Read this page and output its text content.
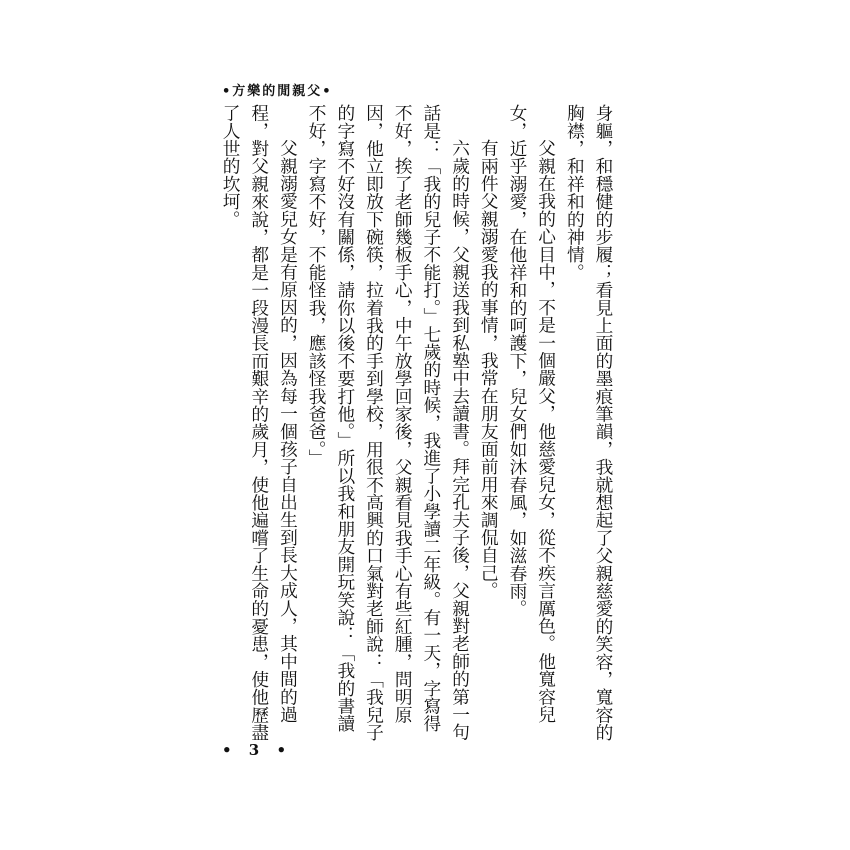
•方樂的閒親父•
身軀，和穩健的步履；看見上面的墨痕筆韻，我就想起了父親慈愛的笑容，寬容的
胸襟，和祥和的神情。
父親在我的心目中，不是一個嚴父，他慈愛兒女，從不疾言厲色。他寬容兒
女，近乎溺愛，在他祥和的呵護下，兒女們如沐春風，如滋春雨。
有兩件父親溺愛我的事情，我常在朋友面前用來調侃自己。
六歲的時候，父親送我到私塾中去讀書。拜完孔夫子後，父親對老師的第一句
話是：「我的兒子不能打。」七歲的時候，我進了小學讀二年級。有一天，字寫得
不好，挨了老師幾板手心，中午放學回家後，父親看見我手心有些紅腫，問明原
因，他立即放下碗筷，拉着我的手到學校，用很不高興的口氣對老師說：「我兒子
的字寫不好沒有關係，請你以後不要打他。」所以我和朋友開玩笑說：「我的書讀
不好，字寫不好，不能怪我，應該怪我爸爸。」
父親溺愛兒女是有原因的，因為每一個孩子自出生到長大成人，其中間的過
程，對父親來說，都是一段漫長而艱辛的歲月，使他遍嚐了生命的憂患，使他歷盡
了人世的坎坷。
• 3 •
